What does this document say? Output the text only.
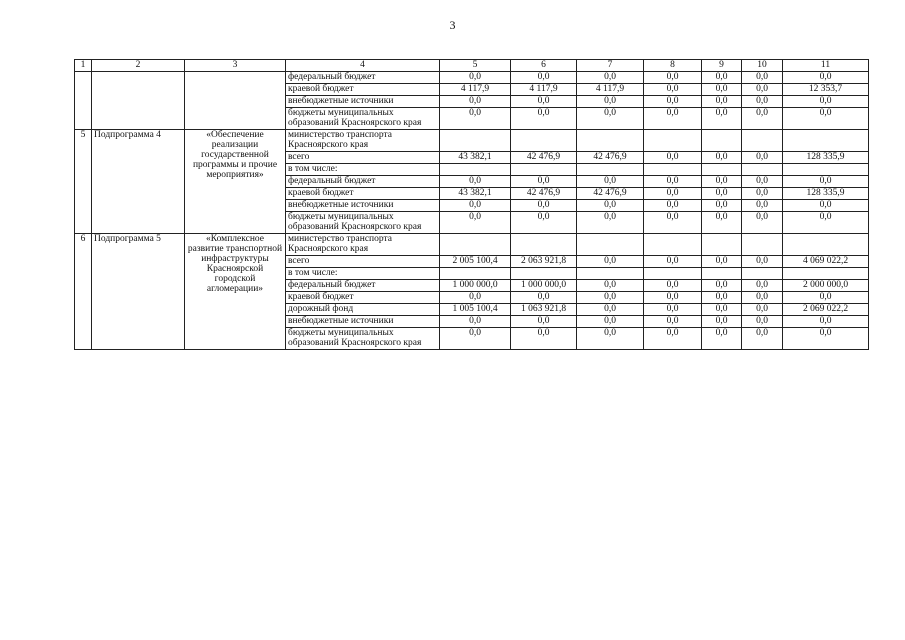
3
1	2	3	4	5	6	7	8	9	10	11
			федеральный бюджет	0,0	0,0	0,0	0,0	0,0	0,0	0,0
			краевой бюджет	4 117,9	4 117,9	4 117,9	0,0	0,0	0,0	12 353,7
			внебюджетные источники	0,0	0,0	0,0	0,0	0,0	0,0	0,0
			бюджеты муниципальных образований Красноярского края	0,0	0,0	0,0	0,0	0,0	0,0	0,0
5	Подпрограмма 4	«Обеспечение реализации государственной программы и прочие мероприятия»	министерство транспорта Красноярского края							
			всего	43 382,1	42 476,9	42 476,9	0,0	0,0	0,0	128 335,9
			в том числе:							
			федеральный бюджет	0,0	0,0	0,0	0,0	0,0	0,0	0,0
			краевой бюджет	43 382,1	42 476,9	42 476,9	0,0	0,0	0,0	128 335,9
			внебюджетные источники	0,0	0,0	0,0	0,0	0,0	0,0	0,0
			бюджеты муниципальных образований Красноярского края	0,0	0,0	0,0	0,0	0,0	0,0	0,0
6	Подпрограмма 5	«Комплексное развитие транспортной инфраструктуры Красноярской городской агломерации»	министерство транспорта Красноярского края							
			всего	2 005 100,4	2 063 921,8	0,0	0,0	0,0	0,0	4 069 022,2
			в том числе:							
			федеральный бюджет	1 000 000,0	1 000 000,0	0,0	0,0	0,0	0,0	2 000 000,0
			краевой бюджет	0,0	0,0	0,0	0,0	0,0	0,0	0,0
			дорожный фонд	1 005 100,4	1 063 921,8	0,0	0,0	0,0	0,0	2 069 022,2
			внебюджетные источники	0,0	0,0	0,0	0,0	0,0	0,0	0,0
			бюджеты муниципальных образований Красноярского края	0,0	0,0	0,0	0,0	0,0	0,0	0,0
